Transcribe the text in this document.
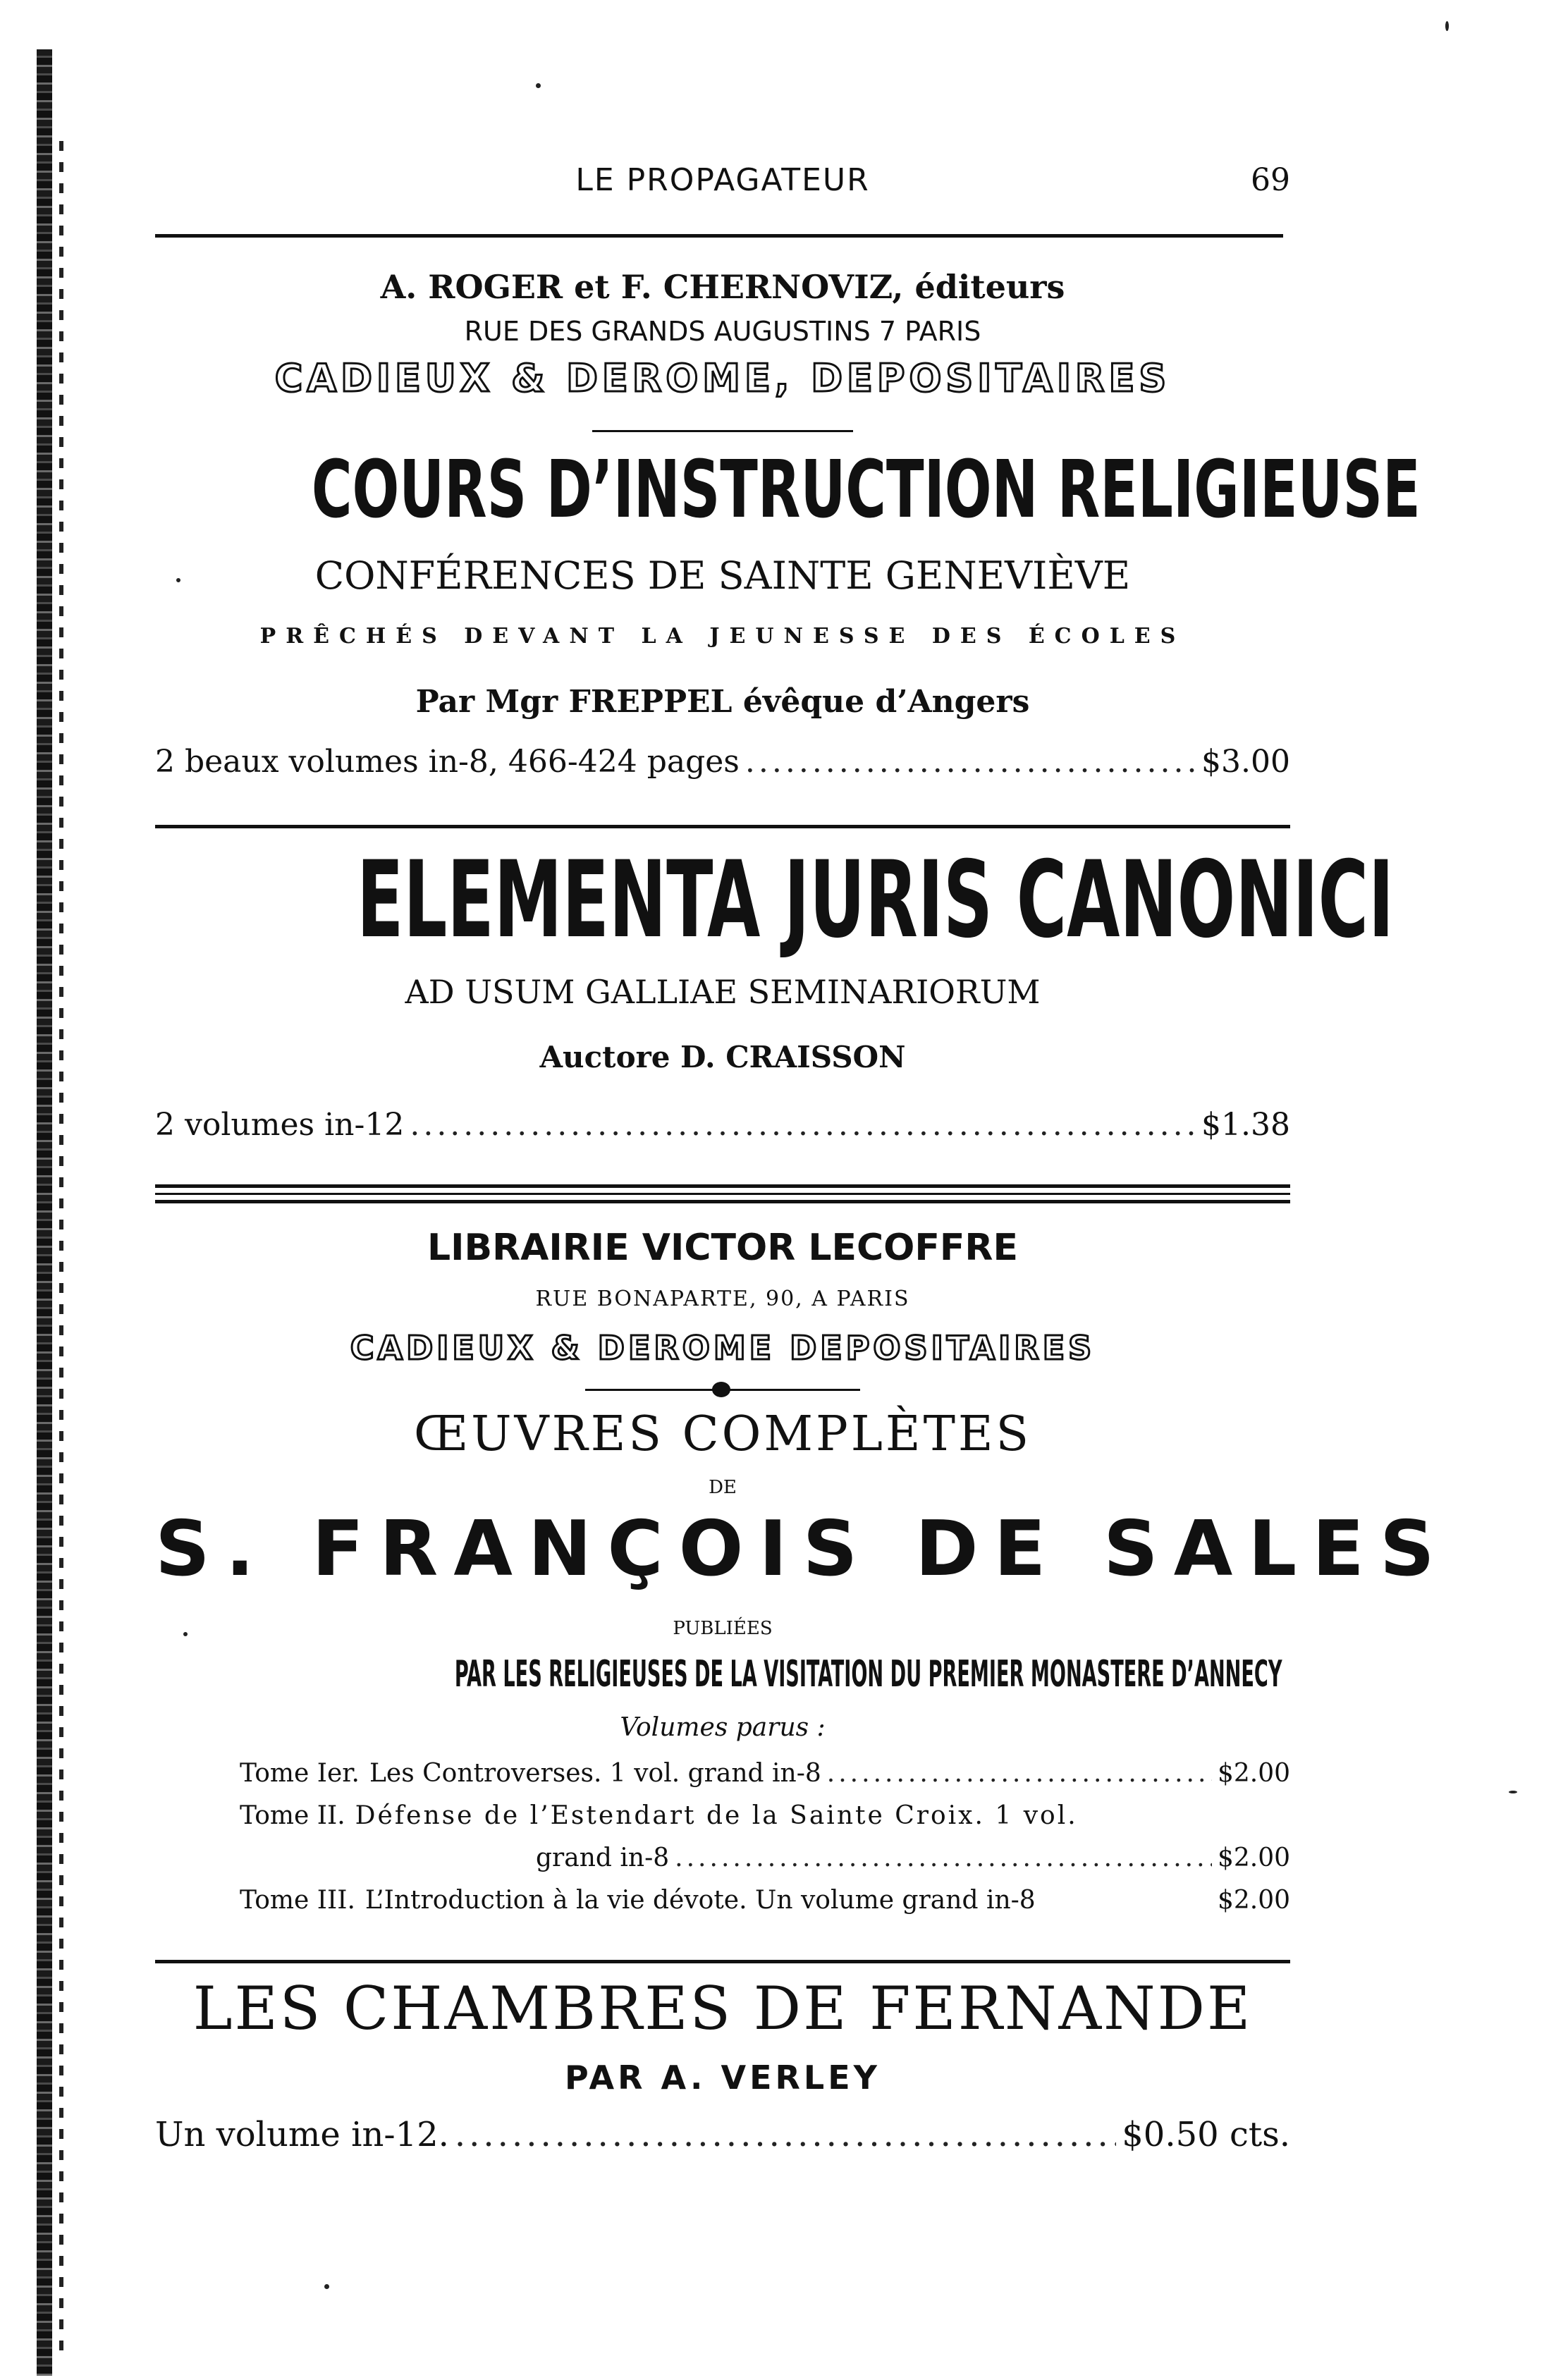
LE PROPAGATEUR	69
A. ROGER et F. CHERNOVIZ, éditeurs
RUE DES GRANDS AUGUSTINS 7 PARIS
CADIEUX & DEROME, DEPOSITAIRES
COURS D’INSTRUCTION RELIGIEUSE
CONFÉRENCES DE SAINTE GENEVIÈVE
PRÊCHÉS DEVANT LA JEUNESSE DES ÉCOLES
Par Mgr FREPPEL évêque d’Angers
2 beaux volumes in-8, 466-424 pages .....	$3.00
ELEMENTA JURIS CANONICI
AD USUM GALLIAE SEMINARIORUM
Auctore D. CRAISSON
2 volumes in-12 .....	$1.38
LIBRAIRIE VICTOR LECOFFRE
RUE BONAPARTE, 90, A PARIS
CADIEUX & DEROME DEPOSITAIRES
ŒUVRES COMPLÈTES
DE
S. FRANÇOIS DE SALES
PUBLIÉES
PAR LES RELIGIEUSES DE LA VISITATION DU PREMIER MONASTERE D’ANNECY
Volumes parus :
Tome Ier. Les Controverses. 1 vol. grand in-8 .....	$2.00
Tome II. Défense de l’Estendart de la Sainte Croix. 1 vol.
grand in-8 .....	$2.00
Tome III. L’Introduction à la vie dévote. Un volume grand in-8	$2.00
LES CHAMBRES DE FERNANDE
PAR A. VERLEY
Un volume in-12. .....	$0.50 cts.
